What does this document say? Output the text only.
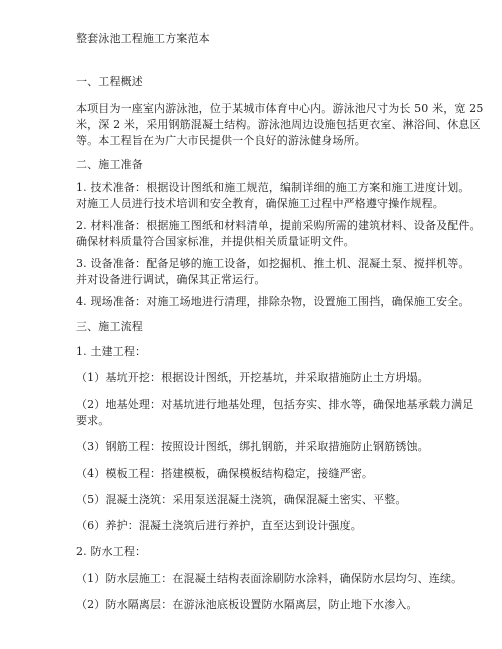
整套泳池工程施工方案范本
一、工程概述
本项目为一座室内游泳池，位于某城市体育中心内。游泳池尺寸为长 50 米，宽 25
米，深 2 米，采用钢筋混凝土结构。游泳池周边设施包括更衣室、淋浴间、休息区
等。本工程旨在为广大市民提供一个良好的游泳健身场所。
二、施工准备
1. 技术准备：根据设计图纸和施工规范，编制详细的施工方案和施工进度计划。
对施工人员进行技术培训和安全教育，确保施工过程中严格遵守操作规程。
2. 材料准备：根据施工图纸和材料清单，提前采购所需的建筑材料、设备及配件。
确保材料质量符合国家标准，并提供相关质量证明文件。
3. 设备准备：配备足够的施工设备，如挖掘机、推土机、混凝土泵、搅拌机等。
并对设备进行调试，确保其正常运行。
4. 现场准备：对施工场地进行清理，排除杂物，设置施工围挡，确保施工安全。
三、施工流程
1. 土建工程：
（1）基坑开挖：根据设计图纸，开挖基坑，并采取措施防止土方坍塌。
（2）地基处理：对基坑进行地基处理，包括夯实、排水等，确保地基承载力满足
要求。
（3）钢筋工程：按照设计图纸，绑扎钢筋，并采取措施防止钢筋锈蚀。
（4）模板工程：搭建模板，确保模板结构稳定，接缝严密。
（5）混凝土浇筑：采用泵送混凝土浇筑，确保混凝土密实、平整。
（6）养护：混凝土浇筑后进行养护，直至达到设计强度。
2. 防水工程：
（1）防水层施工：在混凝土结构表面涂刷防水涂料，确保防水层均匀、连续。
（2）防水隔离层：在游泳池底板设置防水隔离层，防止地下水渗入。
